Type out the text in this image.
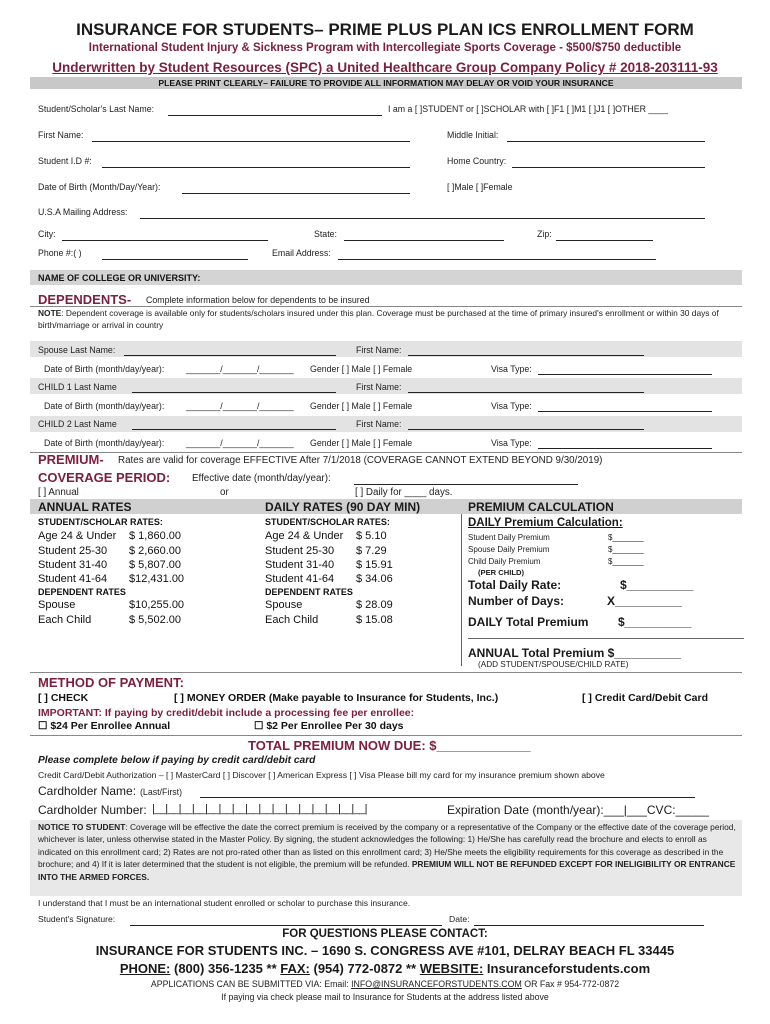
INSURANCE FOR STUDENTS– PRIME PLUS PLAN ICS ENROLLMENT FORM
International Student Injury & Sickness Program with Intercollegiate Sports Coverage - $500/$750 deductible
Underwritten by Student Resources (SPC) a United Healthcare Group Company Policy # 2018-203111-93
PLEASE PRINT CLEARLY– FAILURE TO PROVIDE ALL INFORMATION MAY DELAY OR VOID YOUR INSURANCE
Student/Scholar's Last Name:	I am a [ ]STUDENT or [ ]SCHOLAR with [ ]F1 [ ]M1 [ ]J1 [ ]OTHER ____
First Name:	Middle Initial:
Student I.D #:	Home Country:
Date of Birth (Month/Day/Year):	[ ]Male [ ]Female
U.S.A Mailing Address:
City:	State:	Zip:
Phone #:( )	Email Address:
NAME OF COLLEGE OR UNIVERSITY:
DEPENDENTS- Complete information below for dependents to be insured
NOTE: Dependent coverage is available only for students/scholars insured under this plan. Coverage must be purchased at the time of primary insured's enrollment or within 30 days of birth/marriage or arrival in country
Spouse Last Name:	First Name:
Date of Birth (month/day/year): _______/_______/_______ Gender [ ] Male [ ] Female	Visa Type:
CHILD 1 Last Name	First Name:
Date of Birth (month/day/year): _______/_______/_______ Gender [ ] Male [ ] Female	Visa Type:
CHILD 2 Last Name	First Name:
Date of Birth (month/day/year): _______/_______/_______ Gender [ ] Male [ ] Female	Visa Type:
PREMIUM- Rates are valid for coverage EFFECTIVE After 7/1/2018 (COVERAGE CANNOT EXTEND BEYOND 9/30/2019)
COVERAGE PERIOD: Effective date (month/day/year):
[ ] Annual	or	[ ] Daily for ____ days.
ANNUAL RATES	DAILY RATES (90 DAY MIN)	PREMIUM CALCULATION
STUDENT/SCHOLAR RATES:
Age 24 & Under $ 1,860.00
Student 25-30 $ 2,660.00
Student 31-40 $ 5,807.00
Student 41-64 $12,431.00
DEPENDENT RATES
Spouse	$10,255.00
Each Child	$ 5,502.00
STUDENT/SCHOLAR RATES:
Age 24 & Under $ 5.10
Student 25-30 $ 7.29
Student 31-40 $ 15.91
Student 41-64 $ 34.06
DEPENDENT RATES
Spouse	$ 28.09
Each Child	$ 15.08
DAILY Premium Calculation:
Student Daily Premium	$_______
Spouse Daily Premium	$_______
Child Daily Premium	$_______
(PER CHILD)
Total Daily Rate:	$__________
Number of Days:	X__________
DAILY Total Premium $__________
ANNUAL Total Premium $__________
(ADD STUDENT/SPOUSE/CHILD RATE)
METHOD OF PAYMENT:
[ ] CHECK	[ ] MONEY ORDER (Make payable to Insurance for Students, Inc.)	[ ] Credit Card/Debit Card
IMPORTANT: If paying by credit/debit include a processing fee per enrollee:
☐ $24 Per Enrollee Annual	☐ $2 Per Enrollee Per 30 days
TOTAL PREMIUM NOW DUE: $_____________
Please complete below if paying by credit card/debit card
Credit Card/Debit Authorization – [ ] MasterCard [ ] Discover [ ] American Express [ ] Visa Please bill my card for my insurance premium shown above
Cardholder Name: (Last/First)
Cardholder Number: |__|__|__|__|__|__|__|__|__|__|__|__|__|__|__|__|	Expiration Date (month/year):___|___CVC:_____
NOTICE TO STUDENT: Coverage will be effective the date the correct premium is received by the company or a representative of the Company or the effective date of the coverage period, whichever is later, unless otherwise stated in the Master Policy. By signing, the student acknowledges the following: 1) He/She has carefully read the brochure and elects to enroll as indicated on this enrollment card; 2) Rates are not pro-rated other than as listed on this enrollment card; 3) He/She meets the eligibility requirements for this coverage as described in the brochure; and 4) If it is later determined that the student is not eligible, the premium will be refunded. PREMIUM WILL NOT BE REFUNDED EXCEPT FOR INELIGIBILITY OR ENTRANCE INTO THE ARMED FORCES.
I understand that I must be an international student enrolled or scholar to purchase this insurance.
Student's Signature:	Date:
FOR QUESTIONS PLEASE CONTACT:
INSURANCE FOR STUDENTS INC. – 1690 S. CONGRESS AVE #101, DELRAY BEACH FL 33445
PHONE: (800) 356-1235 ** FAX: (954) 772-0872 ** WEBSITE: Insuranceforstudents.com
APPLICATIONS CAN BE SUBMITTED VIA: Email: INFO@INSURANCEFORSTUDENTS.COM OR Fax # 954-772-0872
If paying via check please mail to Insurance for Students at the address listed above
